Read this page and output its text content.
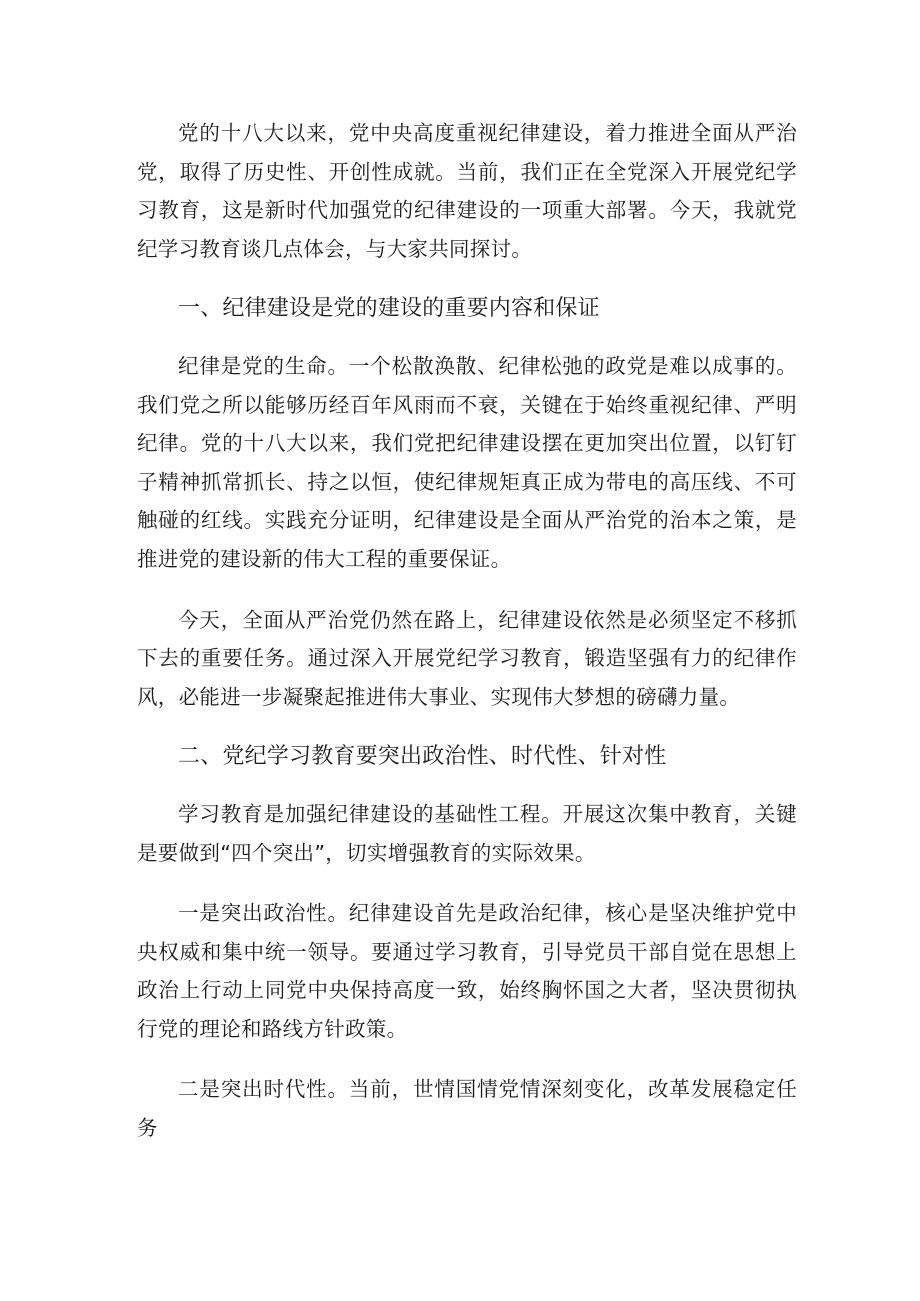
党的十八大以来，党中央高度重视纪律建设，着力推进全面从严治党，取得了历史性、开创性成就。当前，我们正在全党深入开展党纪学习教育，这是新时代加强党的纪律建设的一项重大部署。今天，我就党纪学习教育谈几点体会，与大家共同探讨。

一、纪律建设是党的建设的重要内容和保证

纪律是党的生命。一个松散涣散、纪律松弛的政党是难以成事的。我们党之所以能够历经百年风雨而不衰，关键在于始终重视纪律、严明纪律。党的十八大以来，我们党把纪律建设摆在更加突出位置，以钉钉子精神抓常抓长、持之以恒，使纪律规矩真正成为带电的高压线、不可触碰的红线。实践充分证明，纪律建设是全面从严治党的治本之策，是推进党的建设新的伟大工程的重要保证。

今天，全面从严治党仍然在路上，纪律建设依然是必须坚定不移抓下去的重要任务。通过深入开展党纪学习教育，锻造坚强有力的纪律作风，必能进一步凝聚起推进伟大事业、实现伟大梦想的磅礴力量。

二、党纪学习教育要突出政治性、时代性、针对性

学习教育是加强纪律建设的基础性工程。开展这次集中教育，关键是要做到“四个突出”，切实增强教育的实际效果。

一是突出政治性。纪律建设首先是政治纪律，核心是坚决维护党中央权威和集中统一领导。要通过学习教育，引导党员干部自觉在思想上政治上行动上同党中央保持高度一致，始终胸怀国之大者，坚决贯彻执行党的理论和路线方针政策。

二是突出时代性。当前，世情国情党情深刻变化，改革发展稳定任务
